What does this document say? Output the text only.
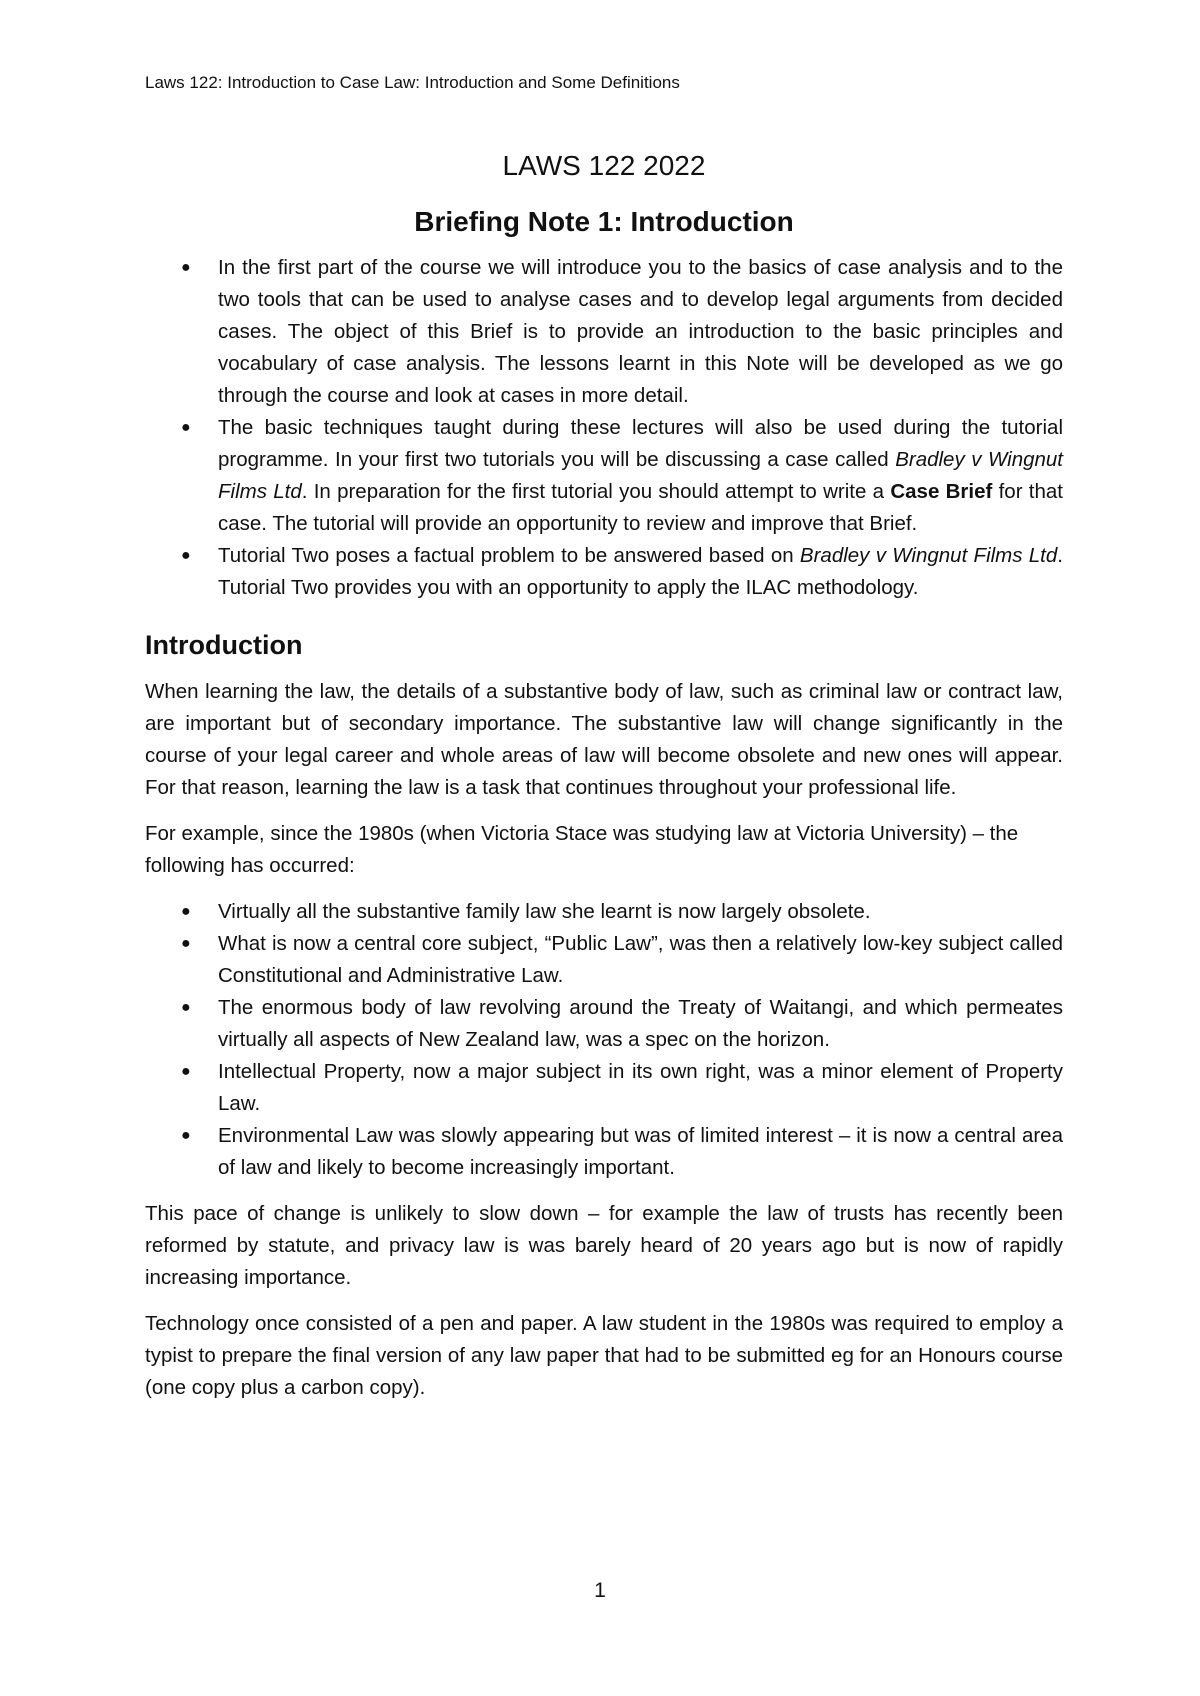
Laws 122: Introduction to Case Law: Introduction and Some Definitions
LAWS 122 2022
Briefing Note 1: Introduction
● In the first part of the course we will introduce you to the basics of case analysis and to the two tools that can be used to analyse cases and to develop legal arguments from decided cases. The object of this Brief is to provide an introduction to the basic principles and vocabulary of case analysis. The lessons learnt in this Note will be developed as we go through the course and look at cases in more detail.
● The basic techniques taught during these lectures will also be used during the tutorial programme. In your first two tutorials you will be discussing a case called Bradley v Wingnut Films Ltd. In preparation for the first tutorial you should attempt to write a Case Brief for that case. The tutorial will provide an opportunity to review and improve that Brief.
● Tutorial Two poses a factual problem to be answered based on Bradley v Wingnut Films Ltd. Tutorial Two provides you with an opportunity to apply the ILAC methodology.
Introduction

When learning the law, the details of a substantive body of law, such as criminal law or contract law, are important but of secondary importance. The substantive law will change significantly in the course of your legal career and whole areas of law will become obsolete and new ones will appear. For that reason, learning the law is a task that continues throughout your professional life.

For example, since the 1980s (when Victoria Stace was studying law at Victoria University) – the following has occurred:

● Virtually all the substantive family law she learnt is now largely obsolete.
● What is now a central core subject, “Public Law”, was then a relatively low-key subject called Constitutional and Administrative Law.
● The enormous body of law revolving around the Treaty of Waitangi, and which permeates virtually all aspects of New Zealand law, was a spec on the horizon.
● Intellectual Property, now a major subject in its own right, was a minor element of Property Law.
● Environmental Law was slowly appearing but was of limited interest – it is now a central area of law and likely to become increasingly important.

This pace of change is unlikely to slow down – for example the law of trusts has recently been reformed by statute, and privacy law is was barely heard of 20 years ago but is now of rapidly increasing importance.

Technology once consisted of a pen and paper. A law student in the 1980s was required to employ a typist to prepare the final version of any law paper that had to be submitted eg for an Honours course (one copy plus a carbon copy).

1
